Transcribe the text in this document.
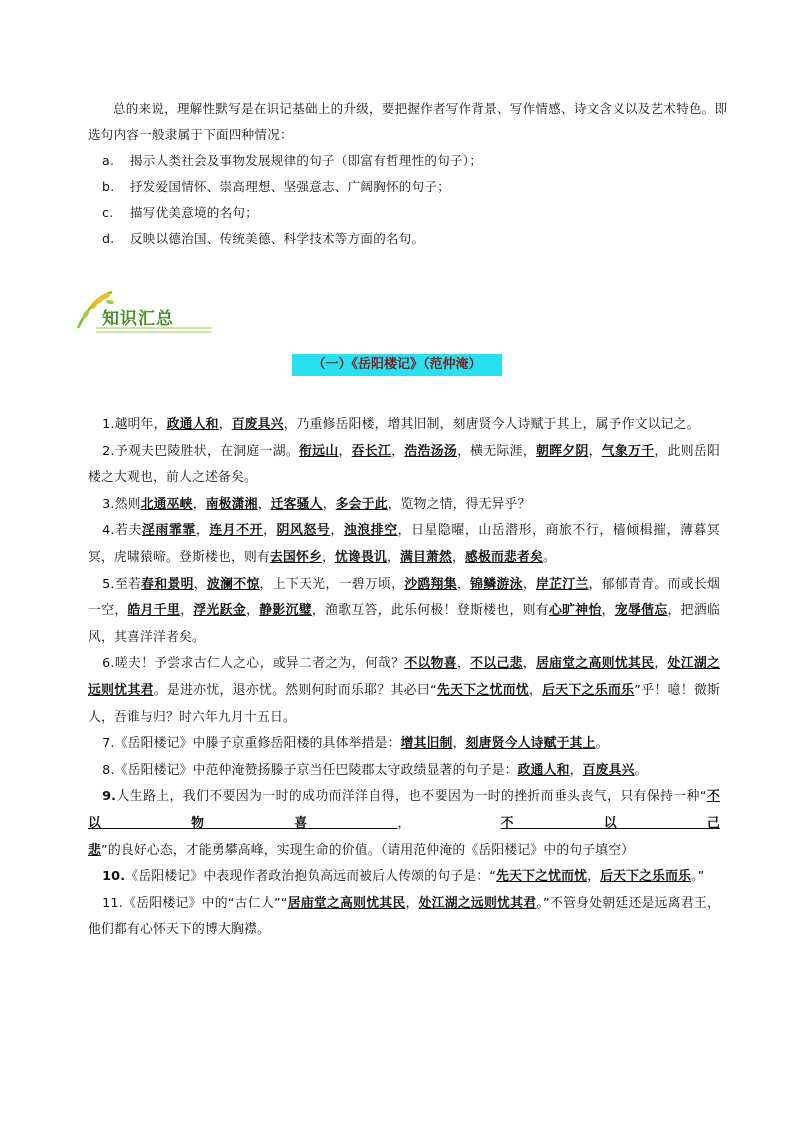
总的来说，理解性默写是在识记基础上的升级，要把握作者写作背景、写作情感、诗文含义以及艺术特色。即选句内容一般隶属于下面四种情况：

a. 揭示人类社会及事物发展规律的句子（即富有哲理性的句子）；

b. 抒发爱国情怀、崇高理想、坚强意志、广阔胸怀的句子；

c. 描写优美意境的名句；

d. 反映以德治国、传统美德、科学技术等方面的名句。

知识汇总
（一）《岳阳楼记》（范仲淹）

1.越明年，政通人和，百废具兴，乃重修岳阳楼，增其旧制，刻唐贤今人诗赋于其上，属予作文以记之。

2.予观夫巴陵胜状，在洞庭一湖。衔远山，吞长江，浩浩汤汤，横无际涯，朝晖夕阴，气象万千，此则岳阳楼之大观也，前人之述备矣。

3.然则北通巫峡，南极潇湘，迁客骚人，多会于此，览物之情，得无异乎？

4.若夫淫雨霏霏，连月不开，阴风怒号，浊浪排空，日星隐曜，山岳潜形，商旅不行，樯倾楫摧，薄暮冥冥，虎啸猿啼。登斯楼也，则有去国怀乡，忧谗畏讥，满目萧然，感极而悲者矣。

5.至若春和景明，波澜不惊，上下天光，一碧万顷，沙鸥翔集，锦鳞游泳，岸芷汀兰，郁郁青青。而或长烟一空，皓月千里，浮光跃金，静影沉璧，渔歌互答，此乐何极！登斯楼也，则有心旷神怡，宠辱偕忘，把酒临风，其喜洋洋者矣。

6.嗟夫！予尝求古仁人之心，或异二者之为，何哉？不以物喜，不以己悲，居庙堂之高则忧其民，处江湖之远则忧其君。是进亦忧，退亦忧。然则何时而乐耶？其必曰“先天下之忧而忧，后天下之乐而乐”乎！噫！微斯人，吾谁与归？时六年九月十五日。

7.《岳阳楼记》中滕子京重修岳阳楼的具体举措是：增其旧制，刻唐贤今人诗赋于其上。

8.《岳阳楼记》中范仲淹赞扬滕子京当任巴陵郡太守政绩显著的句子是：政通人和，百废具兴。

9.人生路上，我们不要因为一时的成功而洋洋自得，也不要因为一时的挫折而垂头丧气，只有保持一种“不以物喜，不以己悲”的良好心态，才能勇攀高峰，实现生命的价值。（请用范仲淹的《岳阳楼记》中的句子填空）

10.《岳阳楼记》中表现作者政治抱负高远而被后人传颂的句子是：“先天下之忧而忧，后天下之乐而乐。”

11.《岳阳楼记》中的“古仁人”“居庙堂之高则忧其民，处江湖之远则忧其君。”不管身处朝廷还是远离君王，他们都有心怀天下的博大胸襟。
